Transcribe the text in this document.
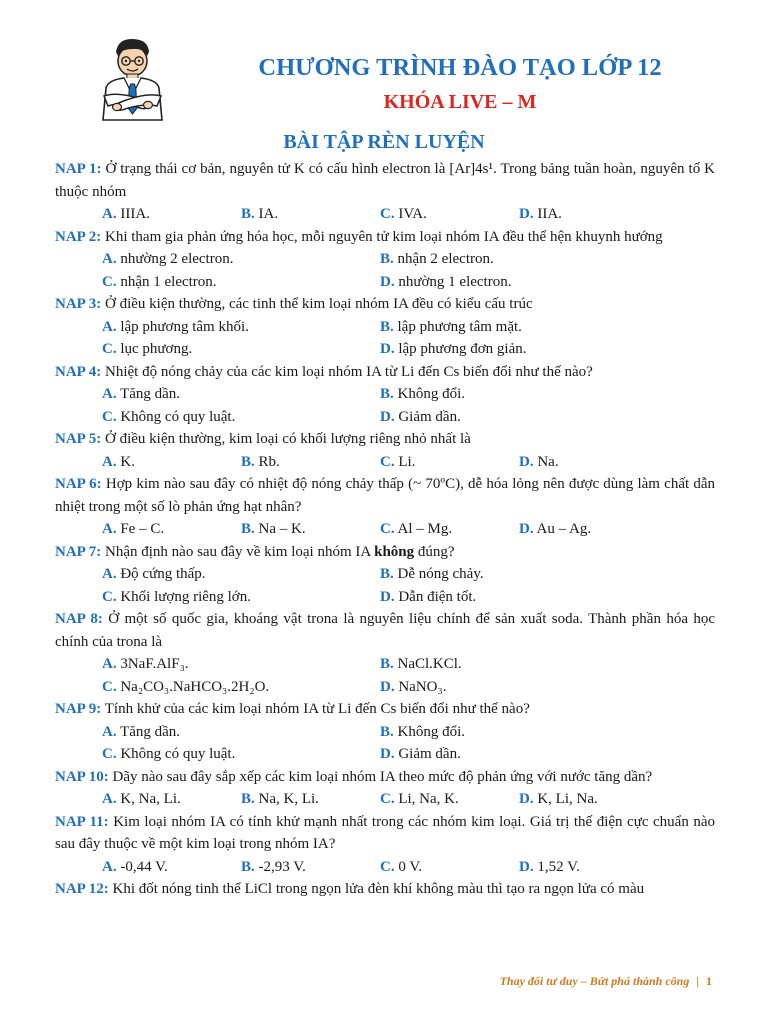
CHƯƠNG TRÌNH ĐÀO TẠO LỚP 12
KHÓA LIVE – M
BÀI TẬP RÈN LUYỆN
NAP 1: Ở trạng thái cơ bản, nguyên tử K có cấu hình electron là [Ar]4s¹. Trong bảng tuần hoàn, nguyên tố K thuộc nhóm
A. IIIA.	B. IA.	C. IVA.	D. IIA.
NAP 2: Khi tham gia phản ứng hóa học, mỗi nguyên tử kim loại nhóm IA đều thể hện khuynh hướng
A. nhường 2 electron.	B. nhận 2 electron.
C. nhận 1 electron.	D. nhường 1 electron.
NAP 3: Ở điều kiện thường, các tinh thể kim loại nhóm IA đều có kiểu cấu trúc
A. lập phương tâm khối.	B. lập phương tâm mặt.
C. lục phương.	D. lập phương đơn giản.
NAP 4: Nhiệt độ nóng chảy của các kim loại nhóm IA từ Li đến Cs biến đổi như thế nào?
A. Tăng dần.	B. Không đổi.
C. Không có quy luật.	D. Giảm dần.
NAP 5: Ở điều kiện thường, kim loại có khối lượng riêng nhỏ nhất là
A. K.	B. Rb.	C. Li.	D. Na.
NAP 6: Hợp kim nào sau đây có nhiệt độ nóng chảy thấp (~ 70ºC), dễ hóa lỏng nên được dùng làm chất dẫn nhiệt trong một số lò phản ứng hạt nhân?
A. Fe – C.	B. Na – K.	C. Al – Mg.	D. Au – Ag.
NAP 7: Nhận định nào sau đây về kim loại nhóm IA không đúng?
A. Độ cứng thấp.	B. Dễ nóng chảy.
C. Khối lượng riêng lớn.	D. Dẫn điện tốt.
NAP 8: Ở một số quốc gia, khoáng vật trona là nguyên liệu chính để sản xuất soda. Thành phần hóa học chính của trona là
A. 3NaF.AlF₃.	B. NaCl.KCl.
C. Na₂CO₃.NaHCO₃.2H₂O.	D. NaNO₃.
NAP 9: Tính khử của các kim loại nhóm IA từ Li đến Cs biến đổi như thế nào?
A. Tăng dần.	B. Không đổi.
C. Không có quy luật.	D. Giảm dần.
NAP 10: Dãy nào sau đây sắp xếp các kim loại nhóm IA theo mức độ phản ứng với nước tăng dần?
A. K, Na, Li.	B. Na, K, Li.	C. Li, Na, K.	D. K, Li, Na.
NAP 11: Kim loại nhóm IA có tính khử mạnh nhất trong các nhóm kim loại. Giá trị thế điện cực chuẩn nào sau đây thuộc về một kim loại trong nhóm IA?
A. -0,44 V.	B. -2,93 V.	C. 0 V.	D. 1,52 V.
NAP 12: Khi đốt nóng tinh thể LiCl trong ngọn lửa đèn khí không màu thì tạo ra ngọn lửa có màu
Thay đổi tư duy – Bứt phá thành công | 1
